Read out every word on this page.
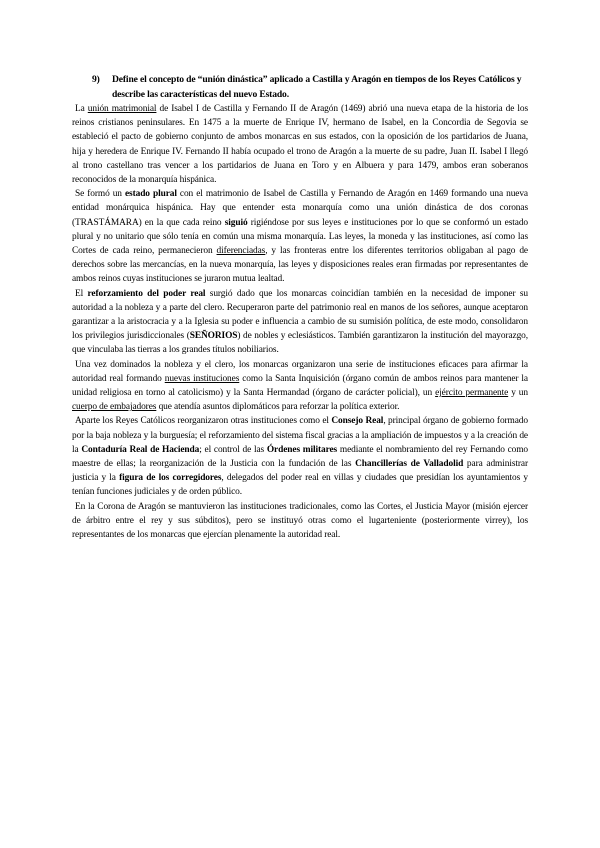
9) Define el concepto de “unión dinástica” aplicado a Castilla y Aragón en tiempos de los Reyes Católicos y describe las características del nuevo Estado.

La unión matrimonial de Isabel I de Castilla y Fernando II de Aragón (1469) abrió una nueva etapa de la historia de los reinos cristianos peninsulares. En 1475 a la muerte de Enrique IV, hermano de Isabel, en la Concordia de Segovia se estableció el pacto de gobierno conjunto de ambos monarcas en sus estados, con la oposición de los partidarios de Juana, hija y heredera de Enrique IV. Fernando II había ocupado el trono de Aragón a la muerte de su padre, Juan II. Isabel I llegó al trono castellano tras vencer a los partidarios de Juana en Toro y en Albuera y para 1479, ambos eran soberanos reconocidos de la monarquía hispánica.

Se formó un estado plural con el matrimonio de Isabel de Castilla y Fernando de Aragón en 1469 formando una nueva entidad monárquica hispánica. Hay que entender esta monarquía como una unión dinástica de dos coronas (TRASTÁMARA) en la que cada reino siguió rigiéndose por sus leyes e instituciones por lo que se conformó un estado plural y no unitario que sólo tenía en común una misma monarquía. Las leyes, la moneda y las instituciones, así como las Cortes de cada reino, permanecieron diferenciadas, y las fronteras entre los diferentes territorios obligaban al pago de derechos sobre las mercancías, en la nueva monarquía, las leyes y disposiciones reales eran firmadas por representantes de ambos reinos cuyas instituciones se juraron mutua lealtad.

El reforzamiento del poder real surgió dado que los monarcas coincidían también en la necesidad de imponer su autoridad a la nobleza y a parte del clero. Recuperaron parte del patrimonio real en manos de los señores, aunque aceptaron garantizar a la aristocracia y a la Iglesia su poder e influencia a cambio de su sumisión política, de este modo, consolidaron los privilegios jurisdiccionales (SEÑORIOS) de nobles y eclesiásticos. También garantizaron la institución del mayorazgo, que vinculaba las tierras a los grandes títulos nobiliarios.

Una vez dominados la nobleza y el clero, los monarcas organizaron una serie de instituciones eficaces para afirmar la autoridad real formando nuevas instituciones como la Santa Inquisición (órgano común de ambos reinos para mantener la unidad religiosa en torno al catolicismo) y la Santa Hermandad (órgano de carácter policial), un ejército permanente y un cuerpo de embajadores que atendía asuntos diplomáticos para reforzar la política exterior.

Aparte los Reyes Católicos reorganizaron otras instituciones como el Consejo Real, principal órgano de gobierno formado por la baja nobleza y la burguesía; el reforzamiento del sistema fiscal gracias a la ampliación de impuestos y a la creación de la Contaduría Real de Hacienda; el control de las Órdenes militares mediante el nombramiento del rey Fernando como maestre de ellas; la reorganización de la Justicia con la fundación de las Chancillerías de Valladolid para administrar justicia y la figura de los corregidores, delegados del poder real en villas y ciudades que presidían los ayuntamientos y tenían funciones judiciales y de orden público.

En la Corona de Aragón se mantuvieron las instituciones tradicionales, como las Cortes, el Justicia Mayor (misión ejercer de árbitro entre el rey y sus súbditos), pero se instituyó otras como el lugarteniente (posteriormente virrey), los representantes de los monarcas que ejercían plenamente la autoridad real.
